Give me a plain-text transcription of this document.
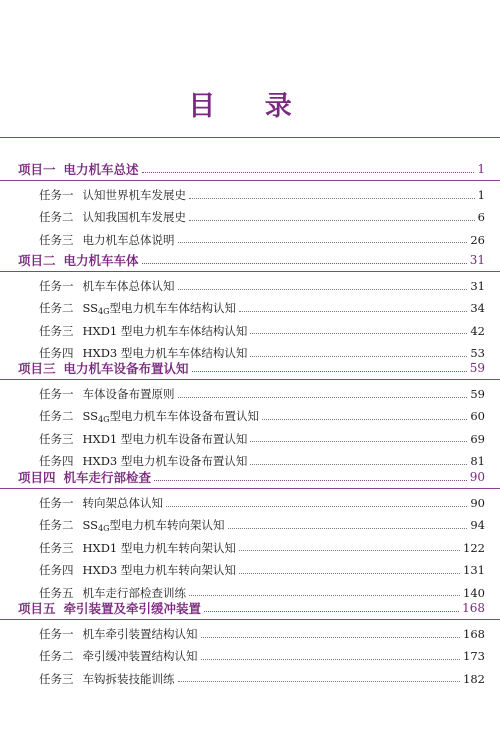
目 录
项目一 电力机车总述	1
任务一 认知世界机车发展史	1
任务二 认知我国机车发展史	6
任务三 电力机车总体说明	26
项目二 电力机车车体	31
任务一 机车车体总体认知	31
任务二 $SS_{4G}$型电力机车车体结构认知	34
任务三 HXD1 型电力机车车体结构认知	42
任务四 HXD3 型电力机车车体结构认知	53
项目三 电力机车设备布置认知	59
任务一 车体设备布置原则	59
任务二 $SS_{4G}$型电力机车车体设备布置认知	60
任务三 HXD1 型电力机车设备布置认知	69
任务四 HXD3 型电力机车设备布置认知	81
项目四 机车走行部检查	90
任务一 转向架总体认知	90
任务二 $SS_{4G}$型电力机车转向架认知	94
任务三 HXD1 型电力机车转向架认知	122
任务四 HXD3 型电力机车转向架认知	131
任务五 机车走行部检查训练	140
项目五 牵引装置及牵引缓冲装置	168
任务一 机车牵引装置结构认知	168
任务二 牵引缓冲装置结构认知	173
任务三 车钩拆装技能训练	182
